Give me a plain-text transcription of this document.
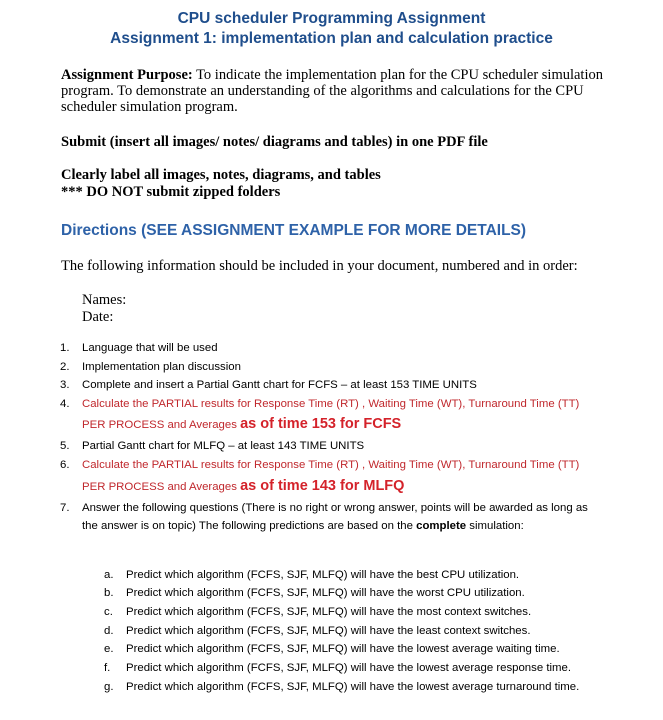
CPU scheduler Programming Assignment
Assignment 1: implementation plan and calculation practice
Assignment Purpose: To indicate the implementation plan for the CPU scheduler simulation
program. To demonstrate an understanding of the algorithms and calculations for the CPU
scheduler simulation program.
Submit (insert all images/ notes/ diagrams and tables) in one PDF file
Clearly label all images, notes, diagrams, and tables
*** DO NOT submit zipped folders
Directions (SEE ASSIGNMENT EXAMPLE FOR MORE DETAILS)
The following information should be included in your document, numbered and in order:
Names:
Date:
1. Language that will be used
2. Implementation plan discussion
3. Complete and insert a Partial Gantt chart for FCFS – at least 153 TIME UNITS
4. Calculate the PARTIAL results for Response Time (RT) , Waiting Time (WT), Turnaround Time (TT)
PER PROCESS and Averages as of time 153 for FCFS
5. Partial Gantt chart for MLFQ – at least 143 TIME UNITS
6. Calculate the PARTIAL results for Response Time (RT) , Waiting Time (WT), Turnaround Time (TT)
PER PROCESS and Averages as of time 143 for MLFQ
7. Answer the following questions (There is no right or wrong answer, points will be awarded as long as
the answer is on topic) The following predictions are based on the complete simulation:
a. Predict which algorithm (FCFS, SJF, MLFQ) will have the best CPU utilization.
b. Predict which algorithm (FCFS, SJF, MLFQ) will have the worst CPU utilization.
c. Predict which algorithm (FCFS, SJF, MLFQ) will have the most context switches.
d. Predict which algorithm (FCFS, SJF, MLFQ) will have the least context switches.
e. Predict which algorithm (FCFS, SJF, MLFQ) will have the lowest average waiting time.
f. Predict which algorithm (FCFS, SJF, MLFQ) will have the lowest average response time.
g. Predict which algorithm (FCFS, SJF, MLFQ) will have the lowest average turnaround time.
